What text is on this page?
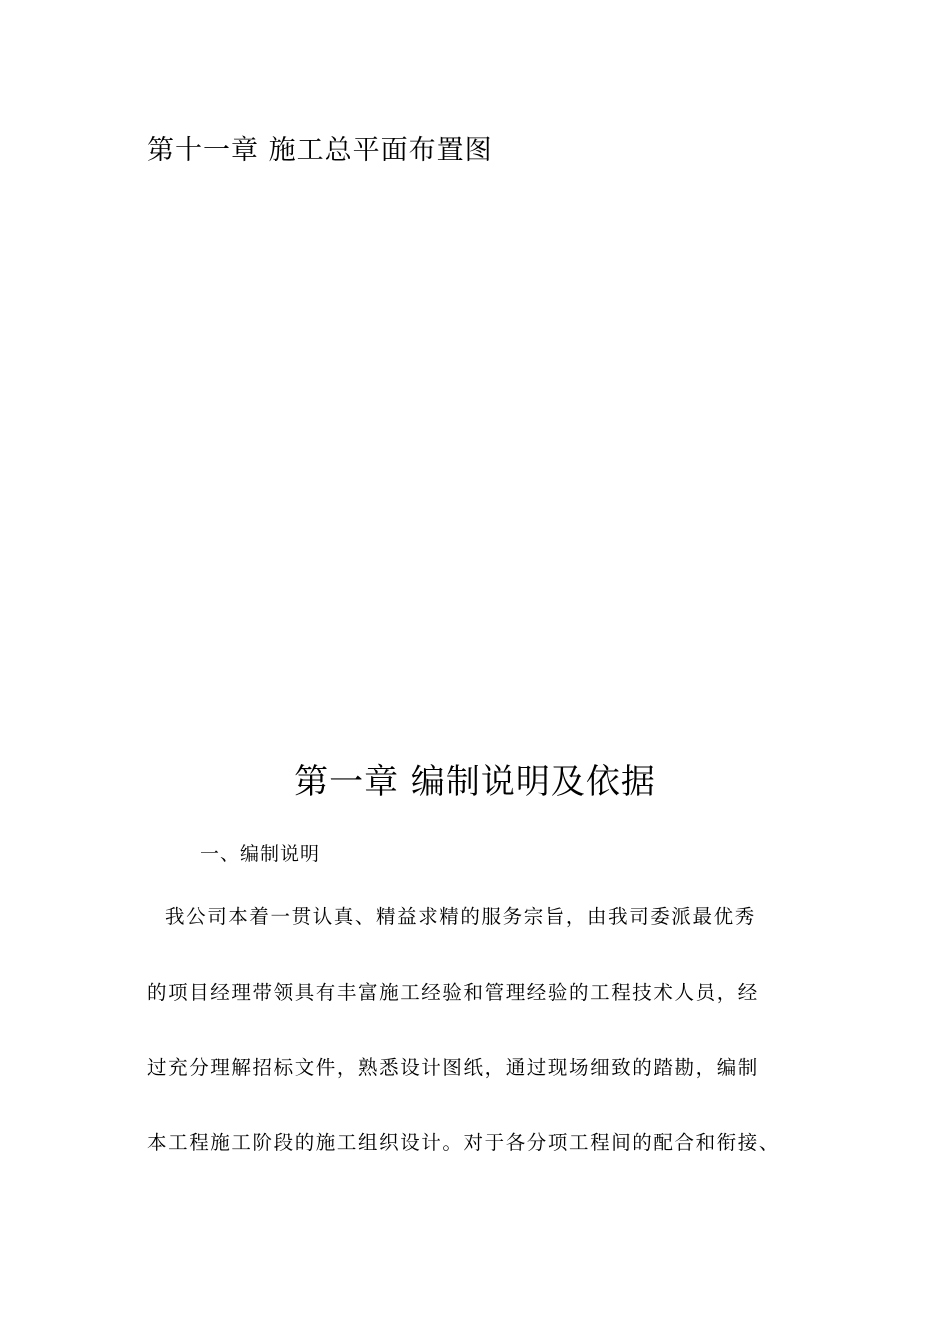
第十一章 施工总平面布置图
第一章 编制说明及依据
一、编制说明
我公司本着一贯认真、精益求精的服务宗旨，由我司委派最优秀
的项目经理带领具有丰富施工经验和管理经验的工程技术人员，经
过充分理解招标文件，熟悉设计图纸，通过现场细致的踏勘，编制
本工程施工阶段的施工组织设计。对于各分项工程间的配合和衔接、
